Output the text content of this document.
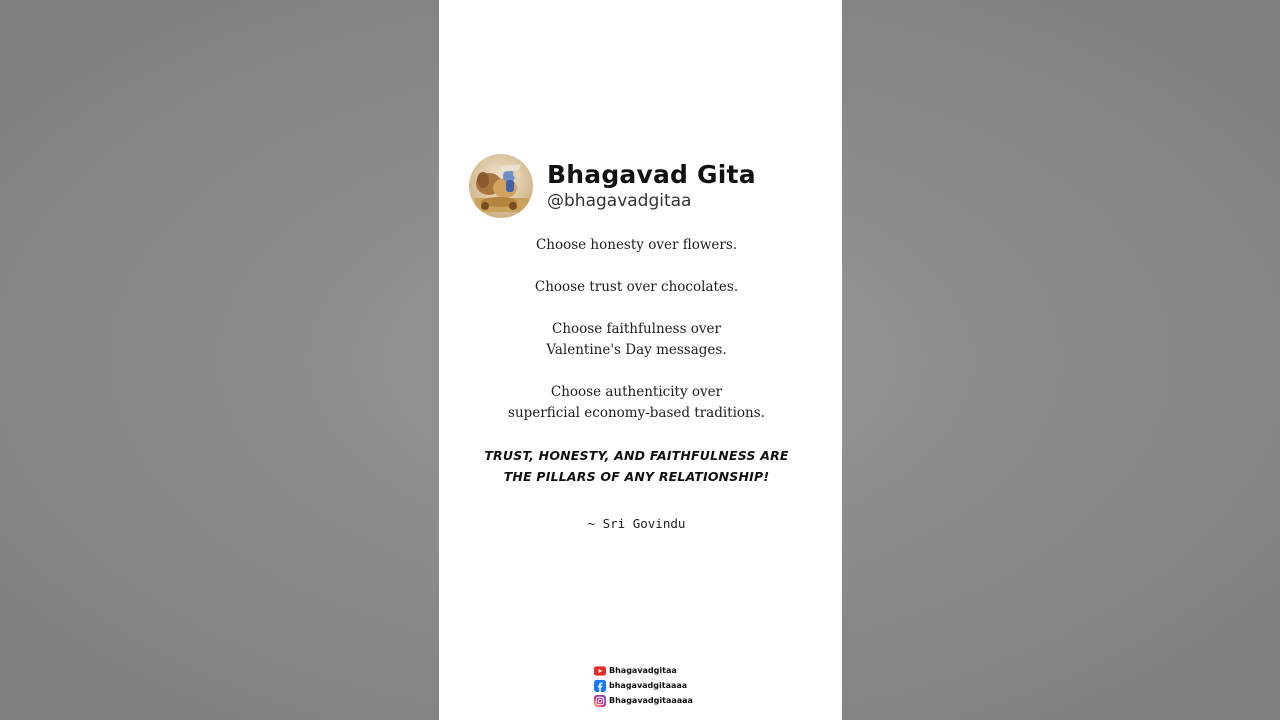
Bhagavad Gita
@bhagavadgitaa

Choose honesty over flowers.

Choose trust over chocolates.

Choose faithfulness over
Valentine's Day messages.

Choose authenticity over
superficial economy-based traditions.

TRUST, HONESTY, AND FAITHFULNESS ARE
THE PILLARS OF ANY RELATIONSHIP!

~ Sri Govindu
Bhagavadgitaa
bhagavadgitaaaa
Bhagavadgitaaaaa
